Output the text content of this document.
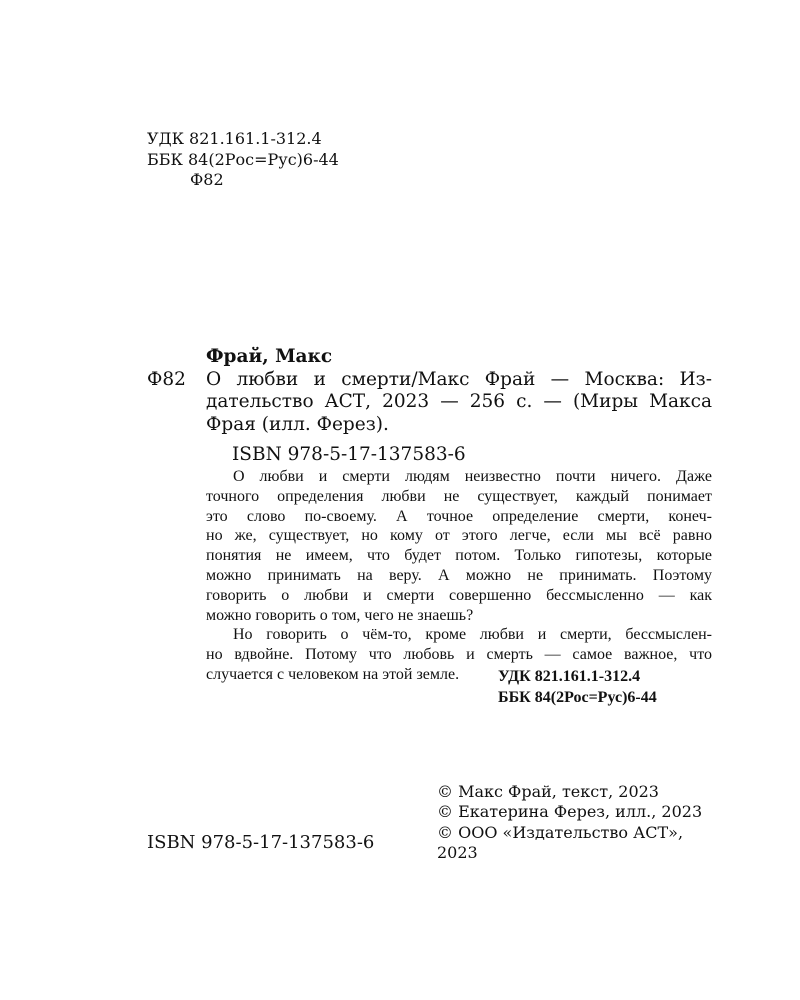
УДК 821.161.1-312.4
ББК 84(2Рос=Рус)6-44
Ф82
Ф82
Фрай, Макс
О любви и смерти/Макс Фрай — Москва: Из-
дательство АСТ, 2023 — 256 с. — (Миры Макса
Фрая (илл. Ферез).
ISBN 978-5-17-137583-6
О любви и смерти людям неизвестно почти ничего. Даже
точного определения любви не существует, каждый понимает
это слово по-своему. А точное определение смерти, конеч-
но же, существует, но кому от этого легче, если мы всё равно
понятия не имеем, что будет потом. Только гипотезы, которые
можно принимать на веру. А можно не принимать. Поэтому
говорить о любви и смерти совершенно бессмысленно — как
можно говорить о том, чего не знаешь?
Но говорить о чём-то, кроме любви и смерти, бессмыслен-
но вдвойне. Потому что любовь и смерть — самое важное, что
случается с человеком на этой земле.	УДК 821.161.1-312.4
ББК 84(2Рос=Рус)6-44
© Макс Фрай, текст, 2023
© Екатерина Ферез, илл., 2023
© ООО «Издательство АСТ»,
2023
ISBN 978-5-17-137583-6
